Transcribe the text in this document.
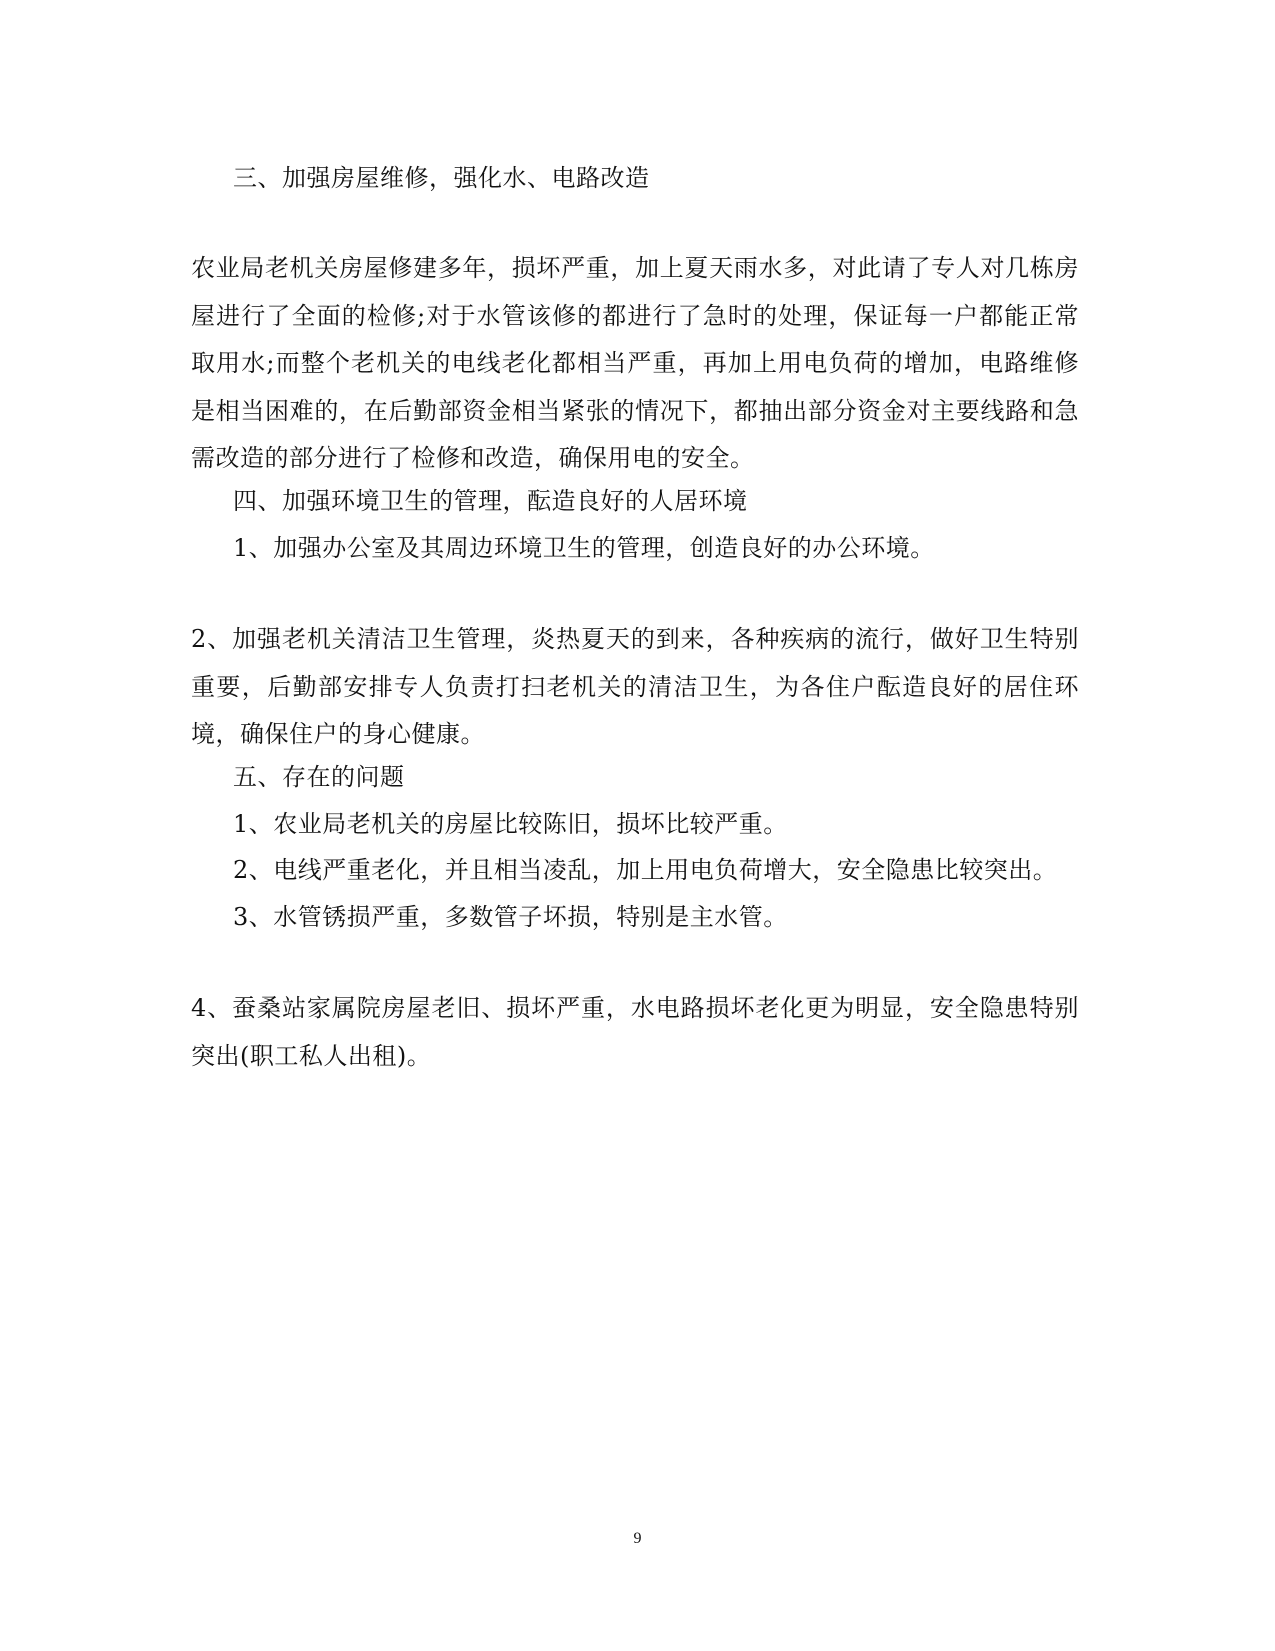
三、加强房屋维修，强化水、电路改造
农业局老机关房屋修建多年，损坏严重，加上夏天雨水多，对此请了专人对几栋房屋进行了全面的检修;对于水管该修的都进行了急时的处理，保证每一户都能正常取用水;而整个老机关的电线老化都相当严重，再加上用电负荷的增加，电路维修是相当困难的，在后勤部资金相当紧张的情况下，都抽出部分资金对主要线路和急需改造的部分进行了检修和改造，确保用电的安全。
四、加强环境卫生的管理，酝造良好的人居环境
1、加强办公室及其周边环境卫生的管理，创造良好的办公环境。
2、加强老机关清洁卫生管理，炎热夏天的到来，各种疾病的流行，做好卫生特别重要，后勤部安排专人负责打扫老机关的清洁卫生，为各住户酝造良好的居住环境，确保住户的身心健康。
五、存在的问题
1、农业局老机关的房屋比较陈旧，损坏比较严重。
2、电线严重老化，并且相当凌乱，加上用电负荷增大，安全隐患比较突出。
3、水管锈损严重，多数管子坏损，特别是主水管。
4、蚕桑站家属院房屋老旧、损坏严重，水电路损坏老化更为明显，安全隐患特别突出(职工私人出租)。
9
